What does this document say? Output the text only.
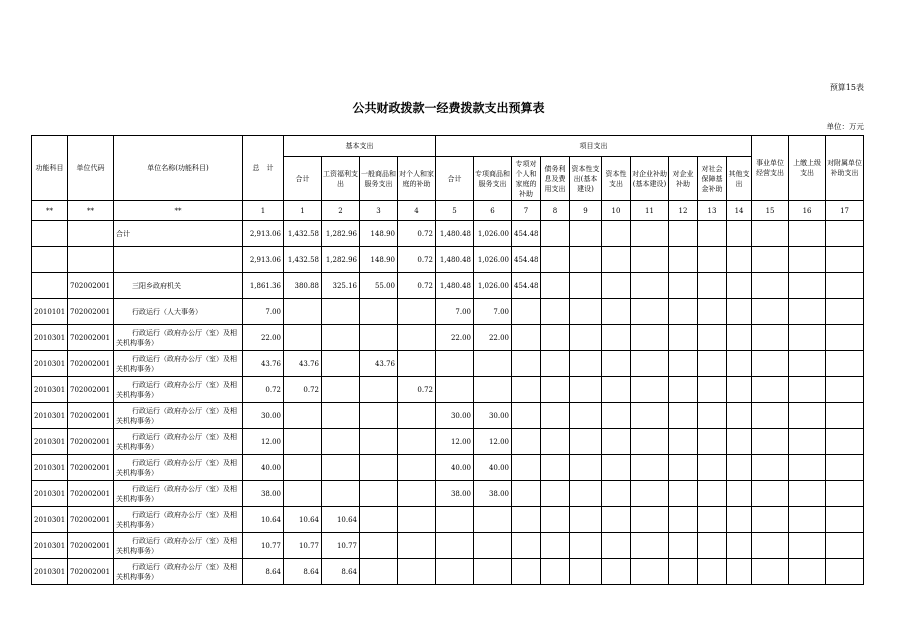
预算15表
公共财政拨款一经费拨款支出预算表
单位：万元
功能科目	单位代码	单位名称(功能科目)	总　计	基本支出				项目支出										事业单位经营支出	上缴上级支出	对附属单位补助支出
				合计	工资福利支出	一般商品和服务支出	对个人和家庭的补助	合计	专项商品和服务支出	专项对个人和家庭的补助	债务利息及费用支出	资本性支出(基本建设)	资本性支出	对企业补助(基本建设)	对企业补助	对社会保障基金补助	其他支出			
**	**	**	1	1	2	3	4	5	6	7	8	9	10	11	12	13	14	15	16	17
		合计	2,913.06	1,432.58	1,282.96	148.90	0.72	1,480.48	1,026.00	454.48										
			2,913.06	1,432.58	1,282.96	148.90	0.72	1,480.48	1,026.00	454.48										
	702002001	三阳乡政府机关	1,861.36	380.88	325.16	55.00	0.72	1,480.48	1,026.00	454.48										
2010101	702002001	行政运行（人大事务）	7.00					7.00	7.00											
2010301	702002001	行政运行（政府办公厅（室）及相关机构事务）	22.00					22.00	22.00											
2010301	702002001	行政运行（政府办公厅（室）及相关机构事务）	43.76	43.76		43.76														
2010301	702002001	行政运行（政府办公厅（室）及相关机构事务）	0.72	0.72			0.72													
2010301	702002001	行政运行（政府办公厅（室）及相关机构事务）	30.00					30.00	30.00											
2010301	702002001	行政运行（政府办公厅（室）及相关机构事务）	12.00					12.00	12.00											
2010301	702002001	行政运行（政府办公厅（室）及相关机构事务）	40.00					40.00	40.00											
2010301	702002001	行政运行（政府办公厅（室）及相关机构事务）	38.00					38.00	38.00											
2010301	702002001	行政运行（政府办公厅（室）及相关机构事务）	10.64	10.64	10.64															
2010301	702002001	行政运行（政府办公厅（室）及相关机构事务）	10.77	10.77	10.77															
2010301	702002001	行政运行（政府办公厅（室）及相关机构事务）	8.64	8.64	8.64															
